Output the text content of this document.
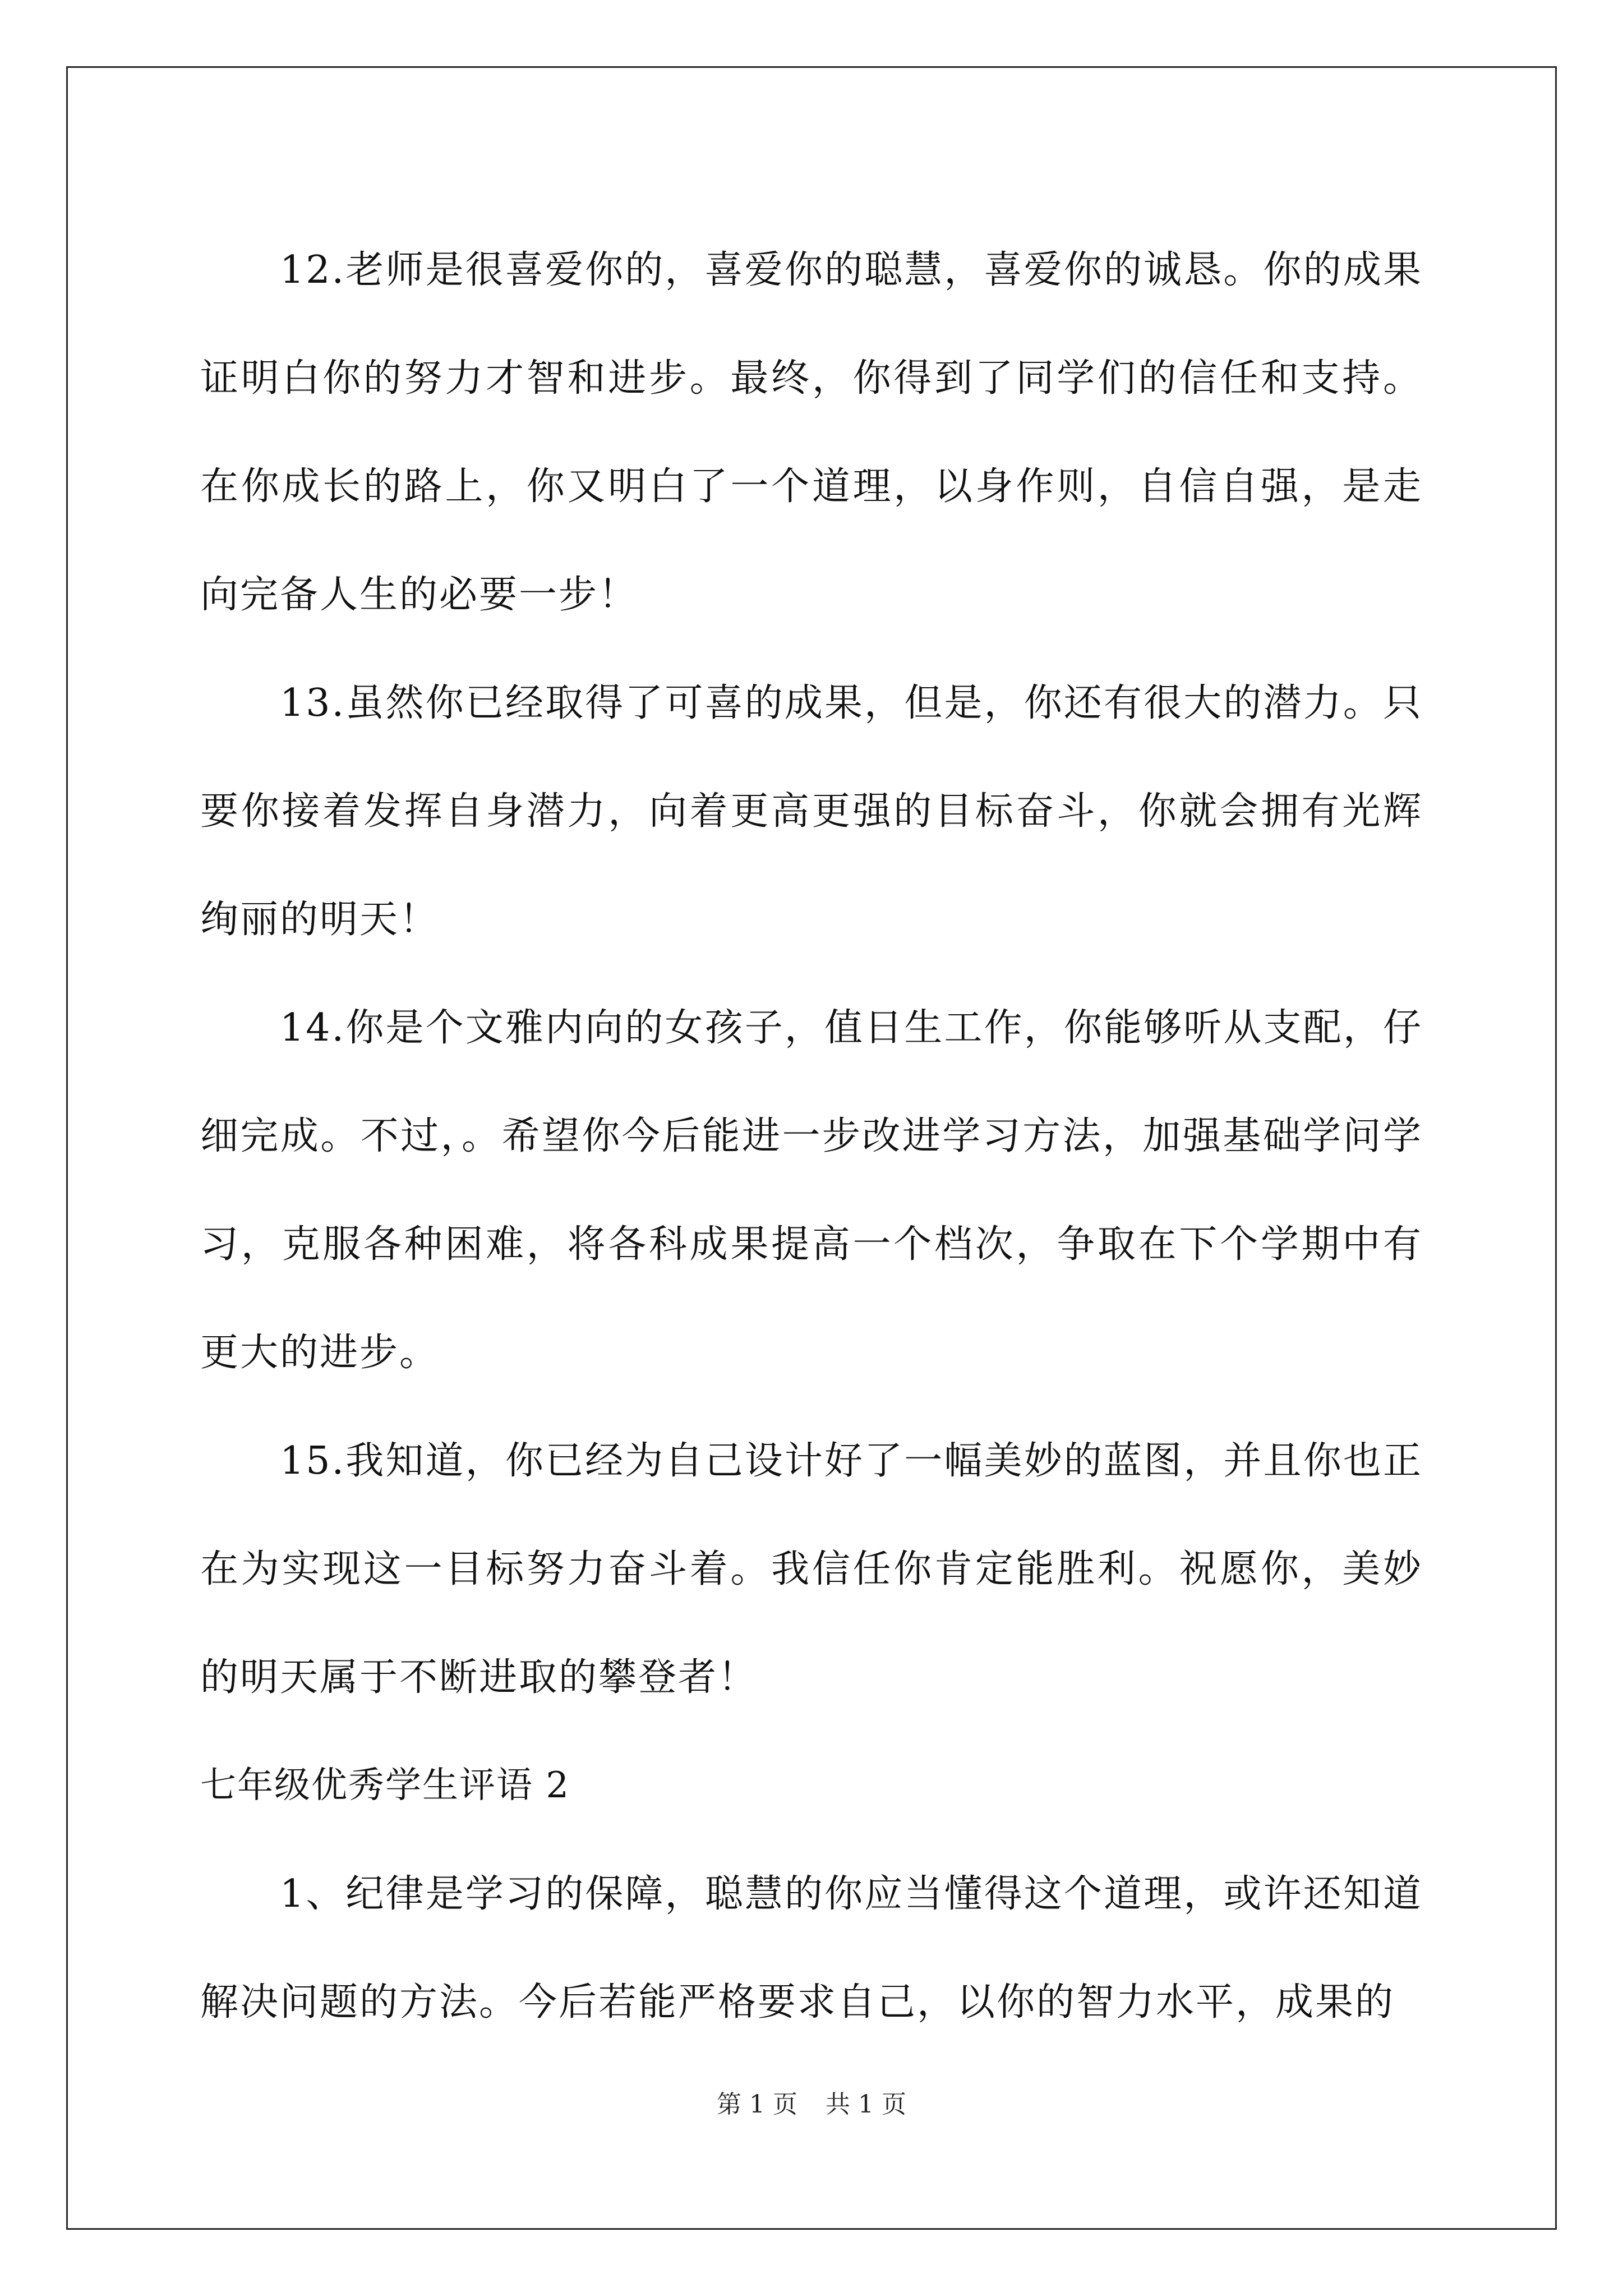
12.老师是很喜爱你的，喜爱你的聪慧，喜爱你的诚恳。你的成果证明白你的努力才智和进步。最终，你得到了同学们的信任和支持。在你成长的路上，你又明白了一个道理，以身作则，自信自强，是走向完备人生的必要一步！

13.虽然你已经取得了可喜的成果，但是，你还有很大的潜力。只要你接着发挥自身潜力，向着更高更强的目标奋斗，你就会拥有光辉绚丽的明天！

14.你是个文雅内向的女孩子，值日生工作，你能够听从支配，仔细完成。不过，。希望你今后能进一步改进学习方法，加强基础学问学习，克服各种困难，将各科成果提高一个档次，争取在下个学期中有更大的进步。

15.我知道，你已经为自己设计好了一幅美妙的蓝图，并且你也正在为实现这一目标努力奋斗着。我信任你肯定能胜利。祝愿你，美妙的明天属于不断进取的攀登者！

七年级优秀学生评语 2

1、纪律是学习的保障，聪慧的你应当懂得这个道理，或许还知道解决问题的方法。今后若能严格要求自己，以你的智力水平，成果的

第 1 页 共 1 页
